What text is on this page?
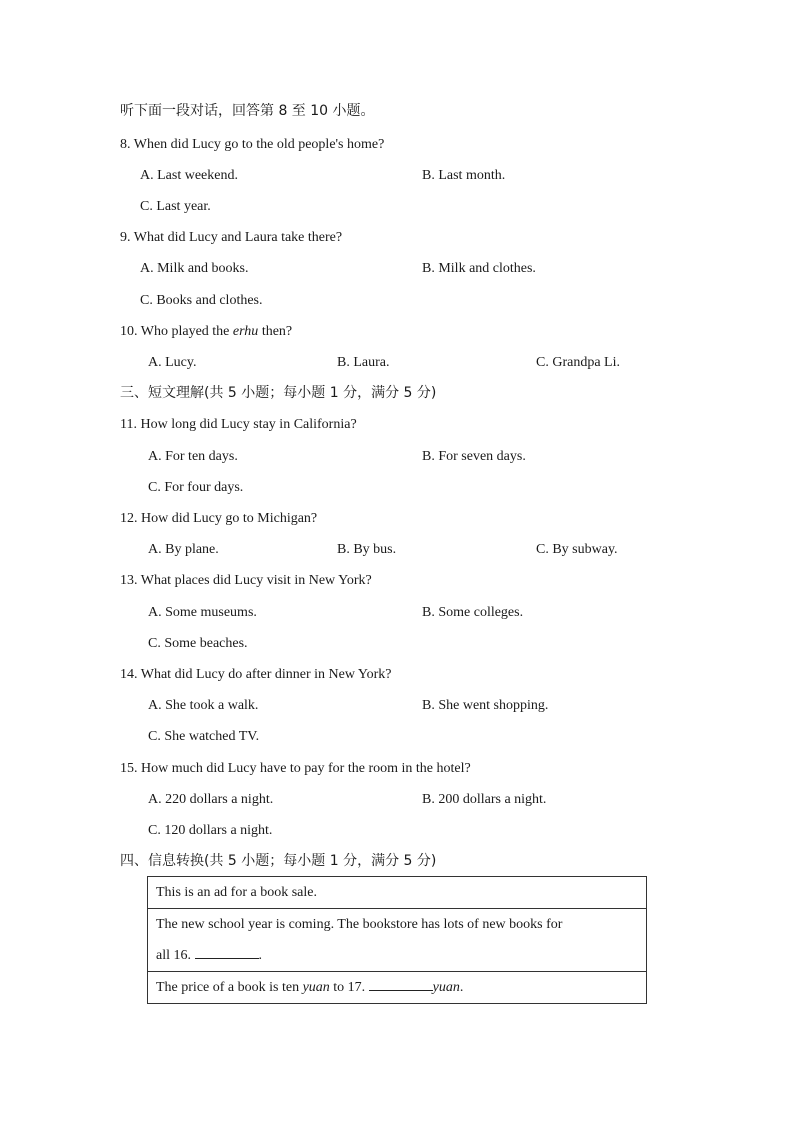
听下面一段对话，回答第 8 至 10 小题。
8. When did Lucy go to the old people's home?
A. Last weekend.	B. Last month.
C. Last year.
9. What did Lucy and Laura take there?
A. Milk and books.	B. Milk and clothes.
C. Books and clothes.
10. Who played the erhu then?
A. Lucy.	B. Laura.	C. Grandpa Li.
三、短文理解(共 5 小题；每小题 1 分，满分 5 分)
11. How long did Lucy stay in California?
A. For ten days.	B. For seven days.
C. For four days.
12. How did Lucy go to Michigan?
A. By plane.	B. By bus.	C. By subway.
13. What places did Lucy visit in New York?
A. Some museums.	B. Some colleges.
C. Some beaches.
14. What did Lucy do after dinner in New York?
A. She took a walk.	B. She went shopping.
C. She watched TV.
15. How much did Lucy have to pay for the room in the hotel?
A. 220 dollars a night.	B. 200 dollars a night.
C. 120 dollars a night.
四、信息转换(共 5 小题；每小题 1 分，满分 5 分)
This is an ad for a book sale.

The new school year is coming. The bookstore has lots of new books for
all 16.	.

The price of a book is ten yuan to 17.	yuan.
